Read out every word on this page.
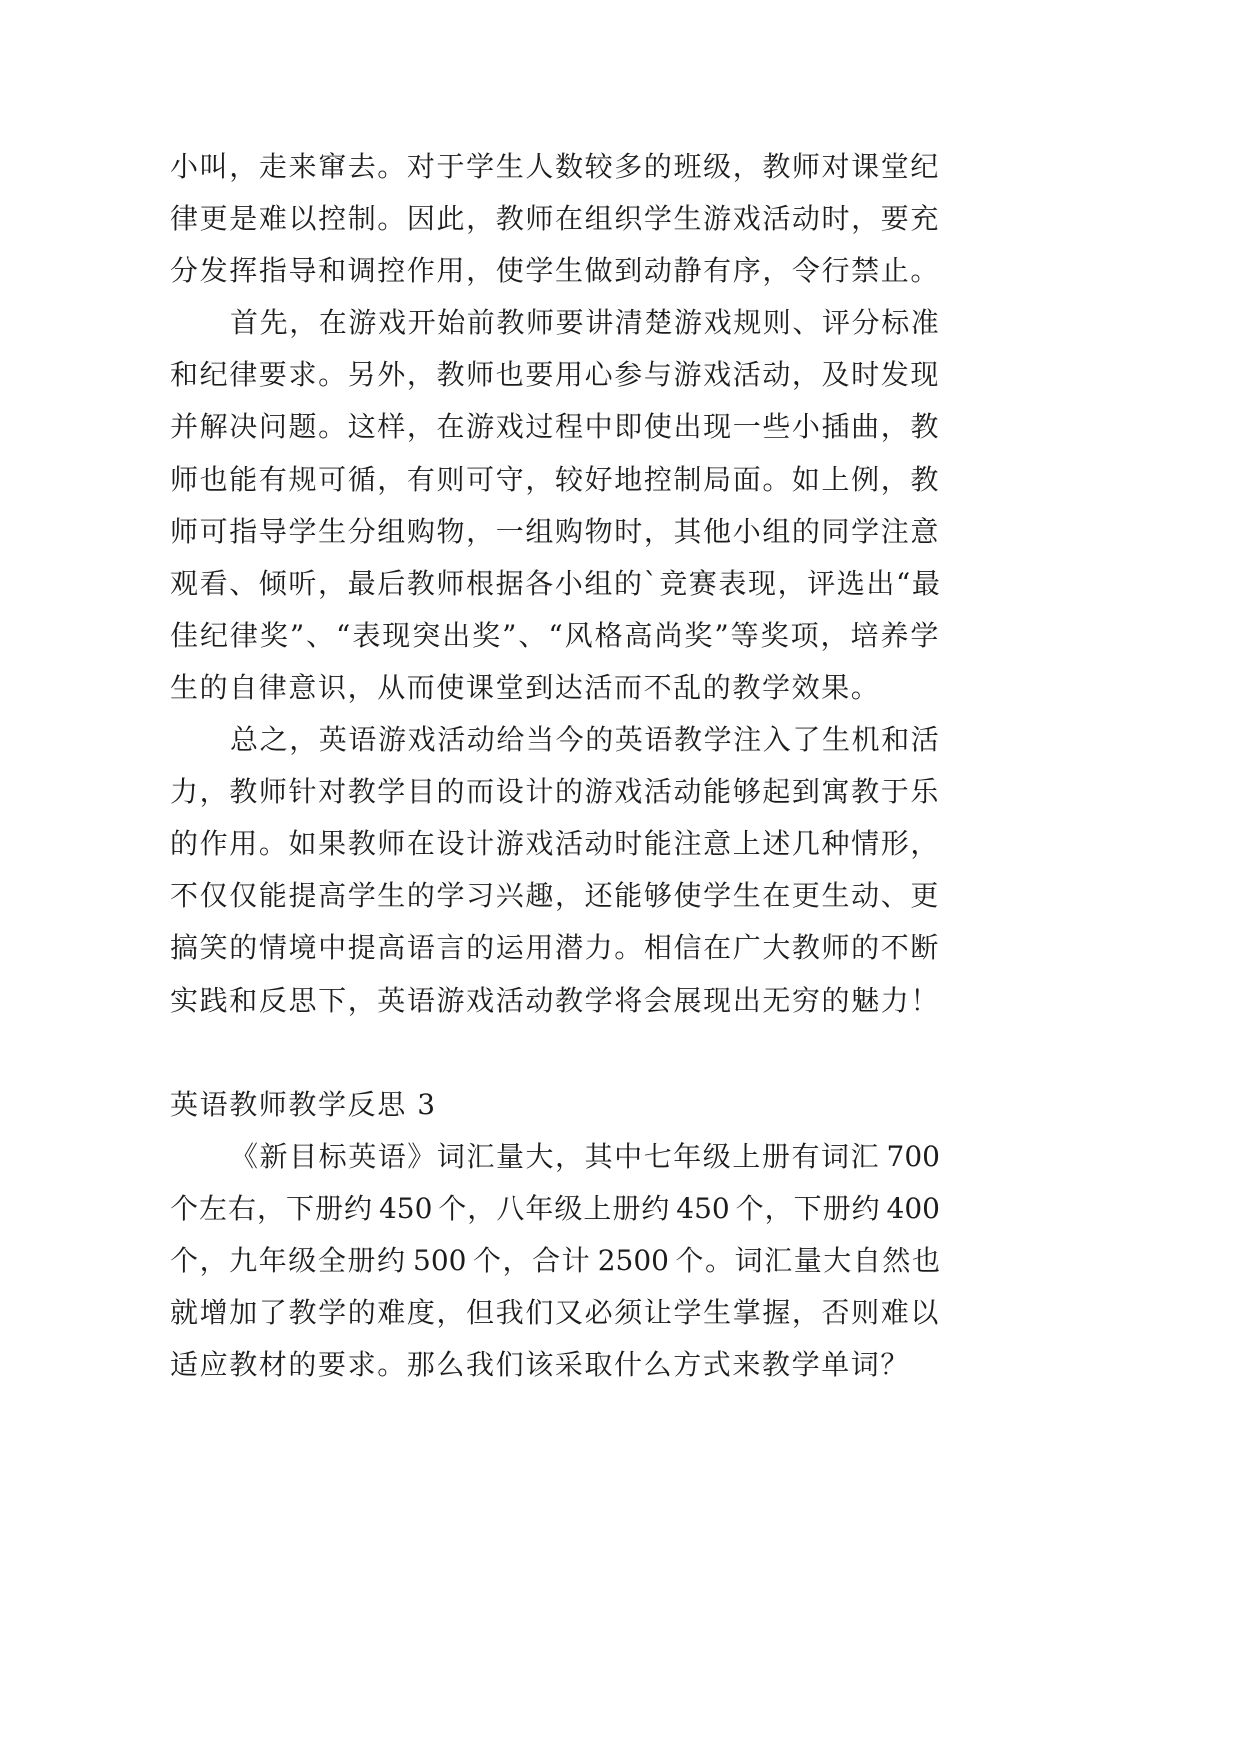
小叫，走来窜去。对于学生人数较多的班级，教师对课堂纪
律更是难以控制。因此，教师在组织学生游戏活动时，要充
分发挥指导和调控作用，使学生做到动静有序，令行禁止。
首先，在游戏开始前教师要讲清楚游戏规则、评分标准
和纪律要求。另外，教师也要用心参与游戏活动，及时发现
并解决问题。这样，在游戏过程中即使出现一些小插曲，教
师也能有规可循，有则可守，较好地控制局面。如上例，教
师可指导学生分组购物，一组购物时，其他小组的同学注意
观看、倾听，最后教师根据各小组的`竞赛表现，评选出“最
佳纪律奖”、“表现突出奖”、“风格高尚奖”等奖项，培养学
生的自律意识，从而使课堂到达活而不乱的教学效果。
总之，英语游戏活动给当今的英语教学注入了生机和活
力，教师针对教学目的而设计的游戏活动能够起到寓教于乐
的作用。如果教师在设计游戏活动时能注意上述几种情形，
不仅仅能提高学生的学习兴趣，还能够使学生在更生动、更
搞笑的情境中提高语言的运用潜力。相信在广大教师的不断
实践和反思下，英语游戏活动教学将会展现出无穷的魅力！
英语教师教学反思 3
《新目标英语》词汇量大，其中七年级上册有词汇 700
个左右，下册约 450 个，八年级上册约 450 个，下册约 400
个，九年级全册约 500 个，合计 2500 个。词汇量大自然也
就增加了教学的难度，但我们又必须让学生掌握，否则难以
适应教材的要求。那么我们该采取什么方式来教学单词？
